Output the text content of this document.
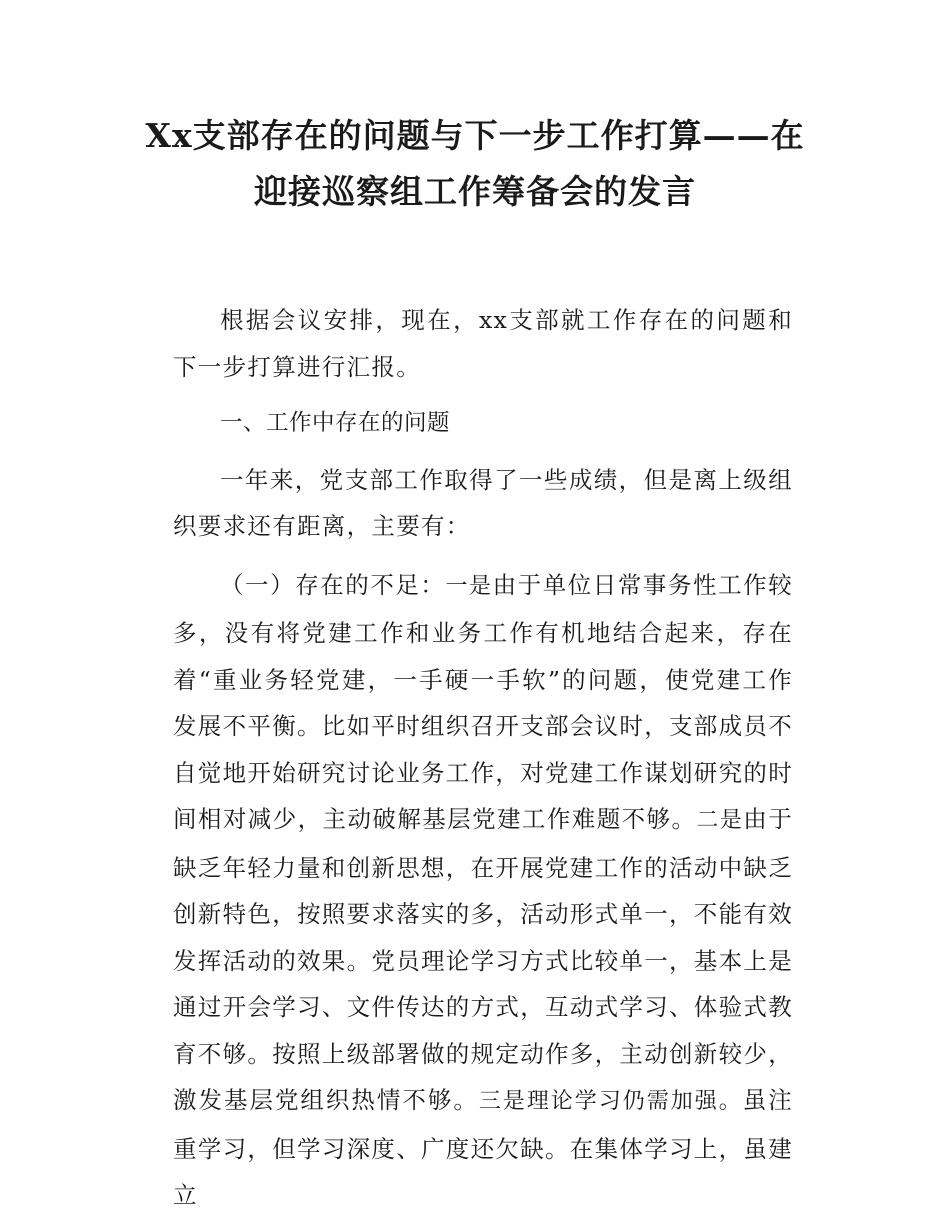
Xx支部存在的问题与下一步工作打算——在
迎接巡察组工作筹备会的发言

根据会议安排，现在，xx支部就工作存在的问题和下一步打算进行汇报。

一、工作中存在的问题

一年来，党支部工作取得了一些成绩，但是离上级组织要求还有距离，主要有：

（一）存在的不足：一是由于单位日常事务性工作较多，没有将党建工作和业务工作有机地结合起来，存在着“重业务轻党建，一手硬一手软”的问题，使党建工作发展不平衡。比如平时组织召开支部会议时，支部成员不自觉地开始研究讨论业务工作，对党建工作谋划研究的时间相对减少，主动破解基层党建工作难题不够。二是由于缺乏年轻力量和创新思想，在开展党建工作的活动中缺乏创新特色，按照要求落实的多，活动形式单一，不能有效发挥活动的效果。党员理论学习方式比较单一，基本上是通过开会学习、文件传达的方式，互动式学习、体验式教育不够。按照上级部署做的规定动作多，主动创新较少，激发基层党组织热情不够。三是理论学习仍需加强。虽注重学习，但学习深度、广度还欠缺。在集体学习上，虽建立
